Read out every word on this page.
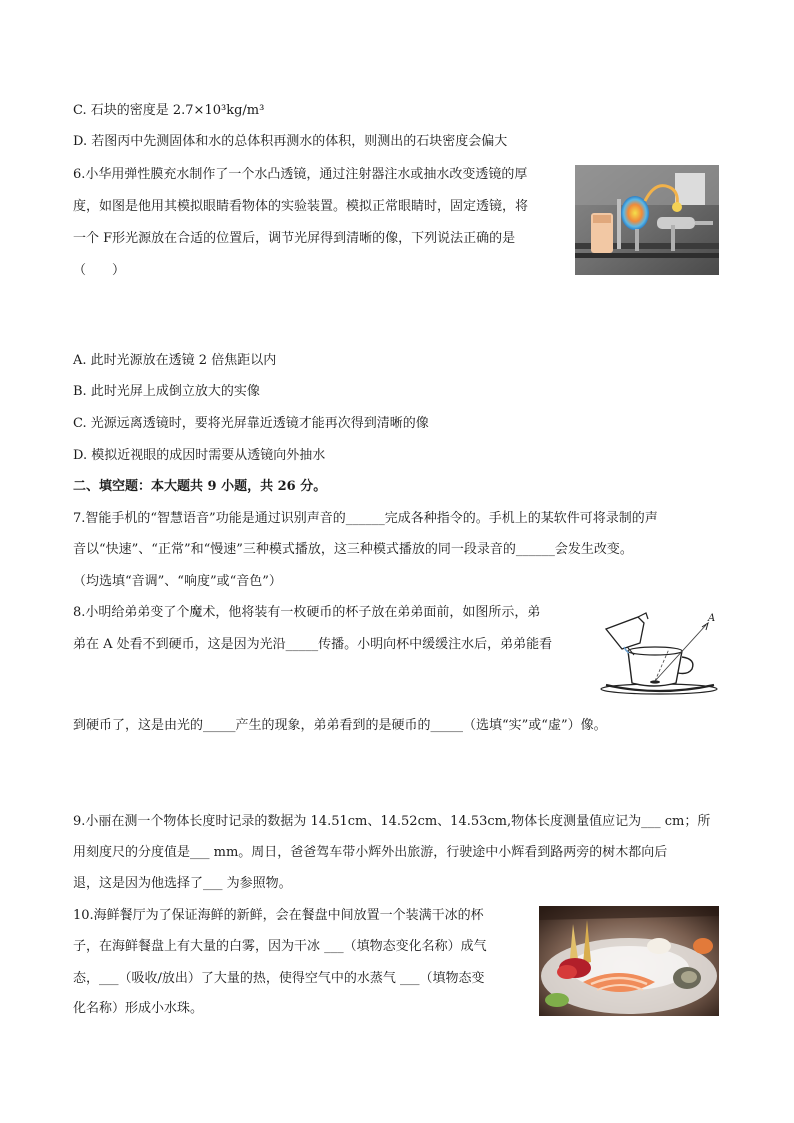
C. 石块的密度是 2.7×10³kg/m³
D. 若图丙中先测固体和水的总体积再测水的体积，则测出的石块密度会偏大
6.小华用弹性膜充水制作了一个水凸透镜，通过注射器注水或抽水改变透镜的厚
度，如图是他用其模拟眼睛看物体的实验装置。模拟正常眼睛时，固定透镜，将
一个 F形光源放在合适的位置后，调节光屏得到清晰的像，下列说法正确的是
（　　）
A. 此时光源放在透镜 2 倍焦距以内
B. 此时光屏上成倒立放大的实像
C. 光源远离透镜时，要将光屏靠近透镜才能再次得到清晰的像
D. 模拟近视眼的成因时需要从透镜向外抽水
二、填空题：本大题共 9 小题，共 26 分。
7.智能手机的“智慧语音”功能是通过识别声音的______完成各种指令的。手机上的某软件可将录制的声
音以“快速”、“正常”和“慢速”三种模式播放，这三种模式播放的同一段录音的______会发生改变。
（均选填“音调”、“响度”或“音色”）
8.小明给弟弟变了个魔术，他将装有一枚硬币的杯子放在弟弟面前，如图所示，弟
弟在 A 处看不到硬币，这是因为光沿_____传播。小明向杯中缓缓注水后，弟弟能看
到硬币了，这是由光的_____产生的现象，弟弟看到的是硬币的_____（选填“实”或“虚”）像。
A
9.小丽在测一个物体长度时记录的数据为 14.51cm、14.52cm、14.53cm,物体长度测量值应记为___ cm；所
用刻度尺的分度值是___ mm。周日，爸爸驾车带小辉外出旅游，行驶途中小辉看到路两旁的树木都向后
退，这是因为他选择了___ 为参照物。
10.海鲜餐厅为了保证海鲜的新鲜，会在餐盘中间放置一个装满干冰的杯
子，在海鲜餐盘上有大量的白雾，因为干冰 ___（填物态变化名称）成气
态，___（吸收/放出）了大量的热，使得空气中的水蒸气 ___（填物态变
化名称）形成小水珠。
